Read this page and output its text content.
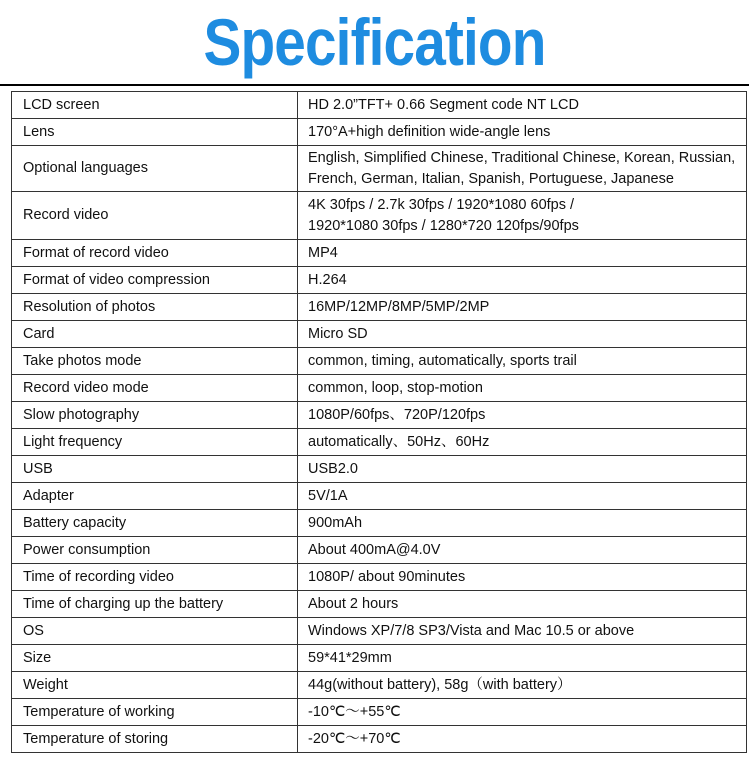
Specification
LCD screen	HD 2.0”TFT+ 0.66 Segment code NT LCD

Lens	170°A+high definition wide-angle lens

Optional languages	English, Simplified Chinese, Traditional Chinese, Korean, Russian,
French, German, Italian, Spanish, Portuguese, Japanese

Record video	4K 30fps / 2.7k 30fps / 1920*1080 60fps /
1920*1080 30fps / 1280*720 120fps/90fps

Format of record video	MP4

Format of video compression	H.264

Resolution of photos	16MP/12MP/8MP/5MP/2MP

Card	Micro SD

Take photos mode	common, timing, automatically, sports trail

Record video mode	common, loop, stop-motion

Slow photography	1080P/60fps、720P/120fps

Light frequency	automatically、50Hz、60Hz

USB	USB2.0

Adapter	5V/1A

Battery capacity	900mAh

Power consumption	About 400mA@4.0V

Time of recording video	1080P/ about 90minutes

Time of charging up the battery	About 2 hours

OS	Windows XP/7/8 SP3/Vista and Mac 10.5 or above

Size	59*41*29mm

Weight	44g(without battery), 58g（with battery）

Temperature of working	-10℃～+55℃

Temperature of storing	-20℃～+70℃
